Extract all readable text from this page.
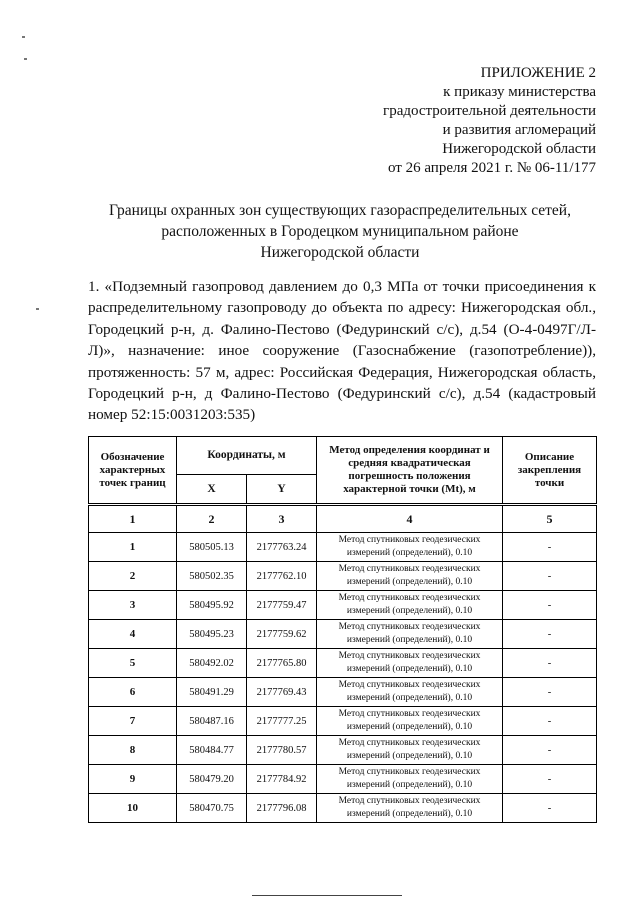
ПРИЛОЖЕНИЕ 2
к приказу министерства
градостроительной деятельности
и развития агломераций
Нижегородской области
от 26 апреля 2021 г. № 06-11/177
Границы охранных зон существующих газораспределительных сетей,
расположенных в Городецком муниципальном районе
Нижегородской области
1. «Подземный газопровод давлением до 0,3 МПа от точки присоединения к распределительному газопроводу до объекта по адресу: Нижегородская обл., Городецкий р-н, д. Фалино-Пестово (Федуринский с/с), д.54 (О-4-0497Г/Л-Л)», назначение: иное сооружение (Газоснабжение (газопотребление)), протяженность: 57 м, адрес: Российская Федерация, Нижегородская область, Городецкий р-н, д Фалино-Пестово (Федуринский с/с), д.54 (кадастровый номер 52:15:0031203:535)
Обозначение характерных точек границ	Координаты, м		Метод определения координат и средняя квадратическая погрешность положения характерной точки (Mt), м	Описание закрепления точки
	X	Y		
1	2	3	4	5
1	580505.13	2177763.24	Метод спутниковых геодезических измерений (определений), 0.10	-
2	580502.35	2177762.10	Метод спутниковых геодезических измерений (определений), 0.10	-
3	580495.92	2177759.47	Метод спутниковых геодезических измерений (определений), 0.10	-
4	580495.23	2177759.62	Метод спутниковых геодезических измерений (определений), 0.10	-
5	580492.02	2177765.80	Метод спутниковых геодезических измерений (определений), 0.10	-
6	580491.29	2177769.43	Метод спутниковых геодезических измерений (определений), 0.10	-
7	580487.16	2177777.25	Метод спутниковых геодезических измерений (определений), 0.10	-
8	580484.77	2177780.57	Метод спутниковых геодезических измерений (определений), 0.10	-
9	580479.20	2177784.92	Метод спутниковых геодезических измерений (определений), 0.10	-
10	580470.75	2177796.08	Метод спутниковых геодезических измерений (определений), 0.10	-
